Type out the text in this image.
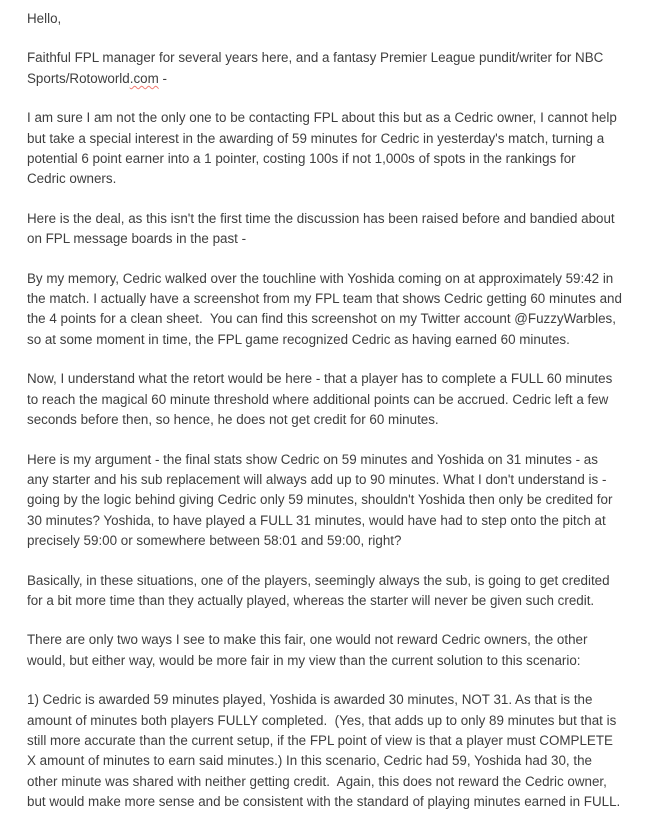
Hello,
Faithful FPL manager for several years here, and a fantasy Premier League pundit/writer for NBC
Sports/Rotoworld.com -
I am sure I am not the only one to be contacting FPL about this but as a Cedric owner, I cannot help
but take a special interest in the awarding of 59 minutes for Cedric in yesterday's match, turning a
potential 6 point earner into a 1 pointer, costing 100s if not 1,000s of spots in the rankings for
Cedric owners.
Here is the deal, as this isn't the first time the discussion has been raised before and bandied about
on FPL message boards in the past -
By my memory, Cedric walked over the touchline with Yoshida coming on at approximately 59:42 in
the match. I actually have a screenshot from my FPL team that shows Cedric getting 60 minutes and
the 4 points for a clean sheet.  You can find this screenshot on my Twitter account @FuzzyWarbles,
so at some moment in time, the FPL game recognized Cedric as having earned 60 minutes.
Now, I understand what the retort would be here - that a player has to complete a FULL 60 minutes
to reach the magical 60 minute threshold where additional points can be accrued. Cedric left a few
seconds before then, so hence, he does not get credit for 60 minutes.
Here is my argument - the final stats show Cedric on 59 minutes and Yoshida on 31 minutes - as
any starter and his sub replacement will always add up to 90 minutes. What I don't understand is -
going by the logic behind giving Cedric only 59 minutes, shouldn't Yoshida then only be credited for
30 minutes? Yoshida, to have played a FULL 31 minutes, would have had to step onto the pitch at
precisely 59:00 or somewhere between 58:01 and 59:00, right?
Basically, in these situations, one of the players, seemingly always the sub, is going to get credited
for a bit more time than they actually played, whereas the starter will never be given such credit.
There are only two ways I see to make this fair, one would not reward Cedric owners, the other
would, but either way, would be more fair in my view than the current solution to this scenario:
1) Cedric is awarded 59 minutes played, Yoshida is awarded 30 minutes, NOT 31. As that is the
amount of minutes both players FULLY completed.  (Yes, that adds up to only 89 minutes but that is
still more accurate than the current setup, if the FPL point of view is that a player must COMPLETE
X amount of minutes to earn said minutes.) In this scenario, Cedric had 59, Yoshida had 30, the
other minute was shared with neither getting credit.  Again, this does not reward the Cedric owner,
but would make more sense and be consistent with the standard of playing minutes earned in FULL.
